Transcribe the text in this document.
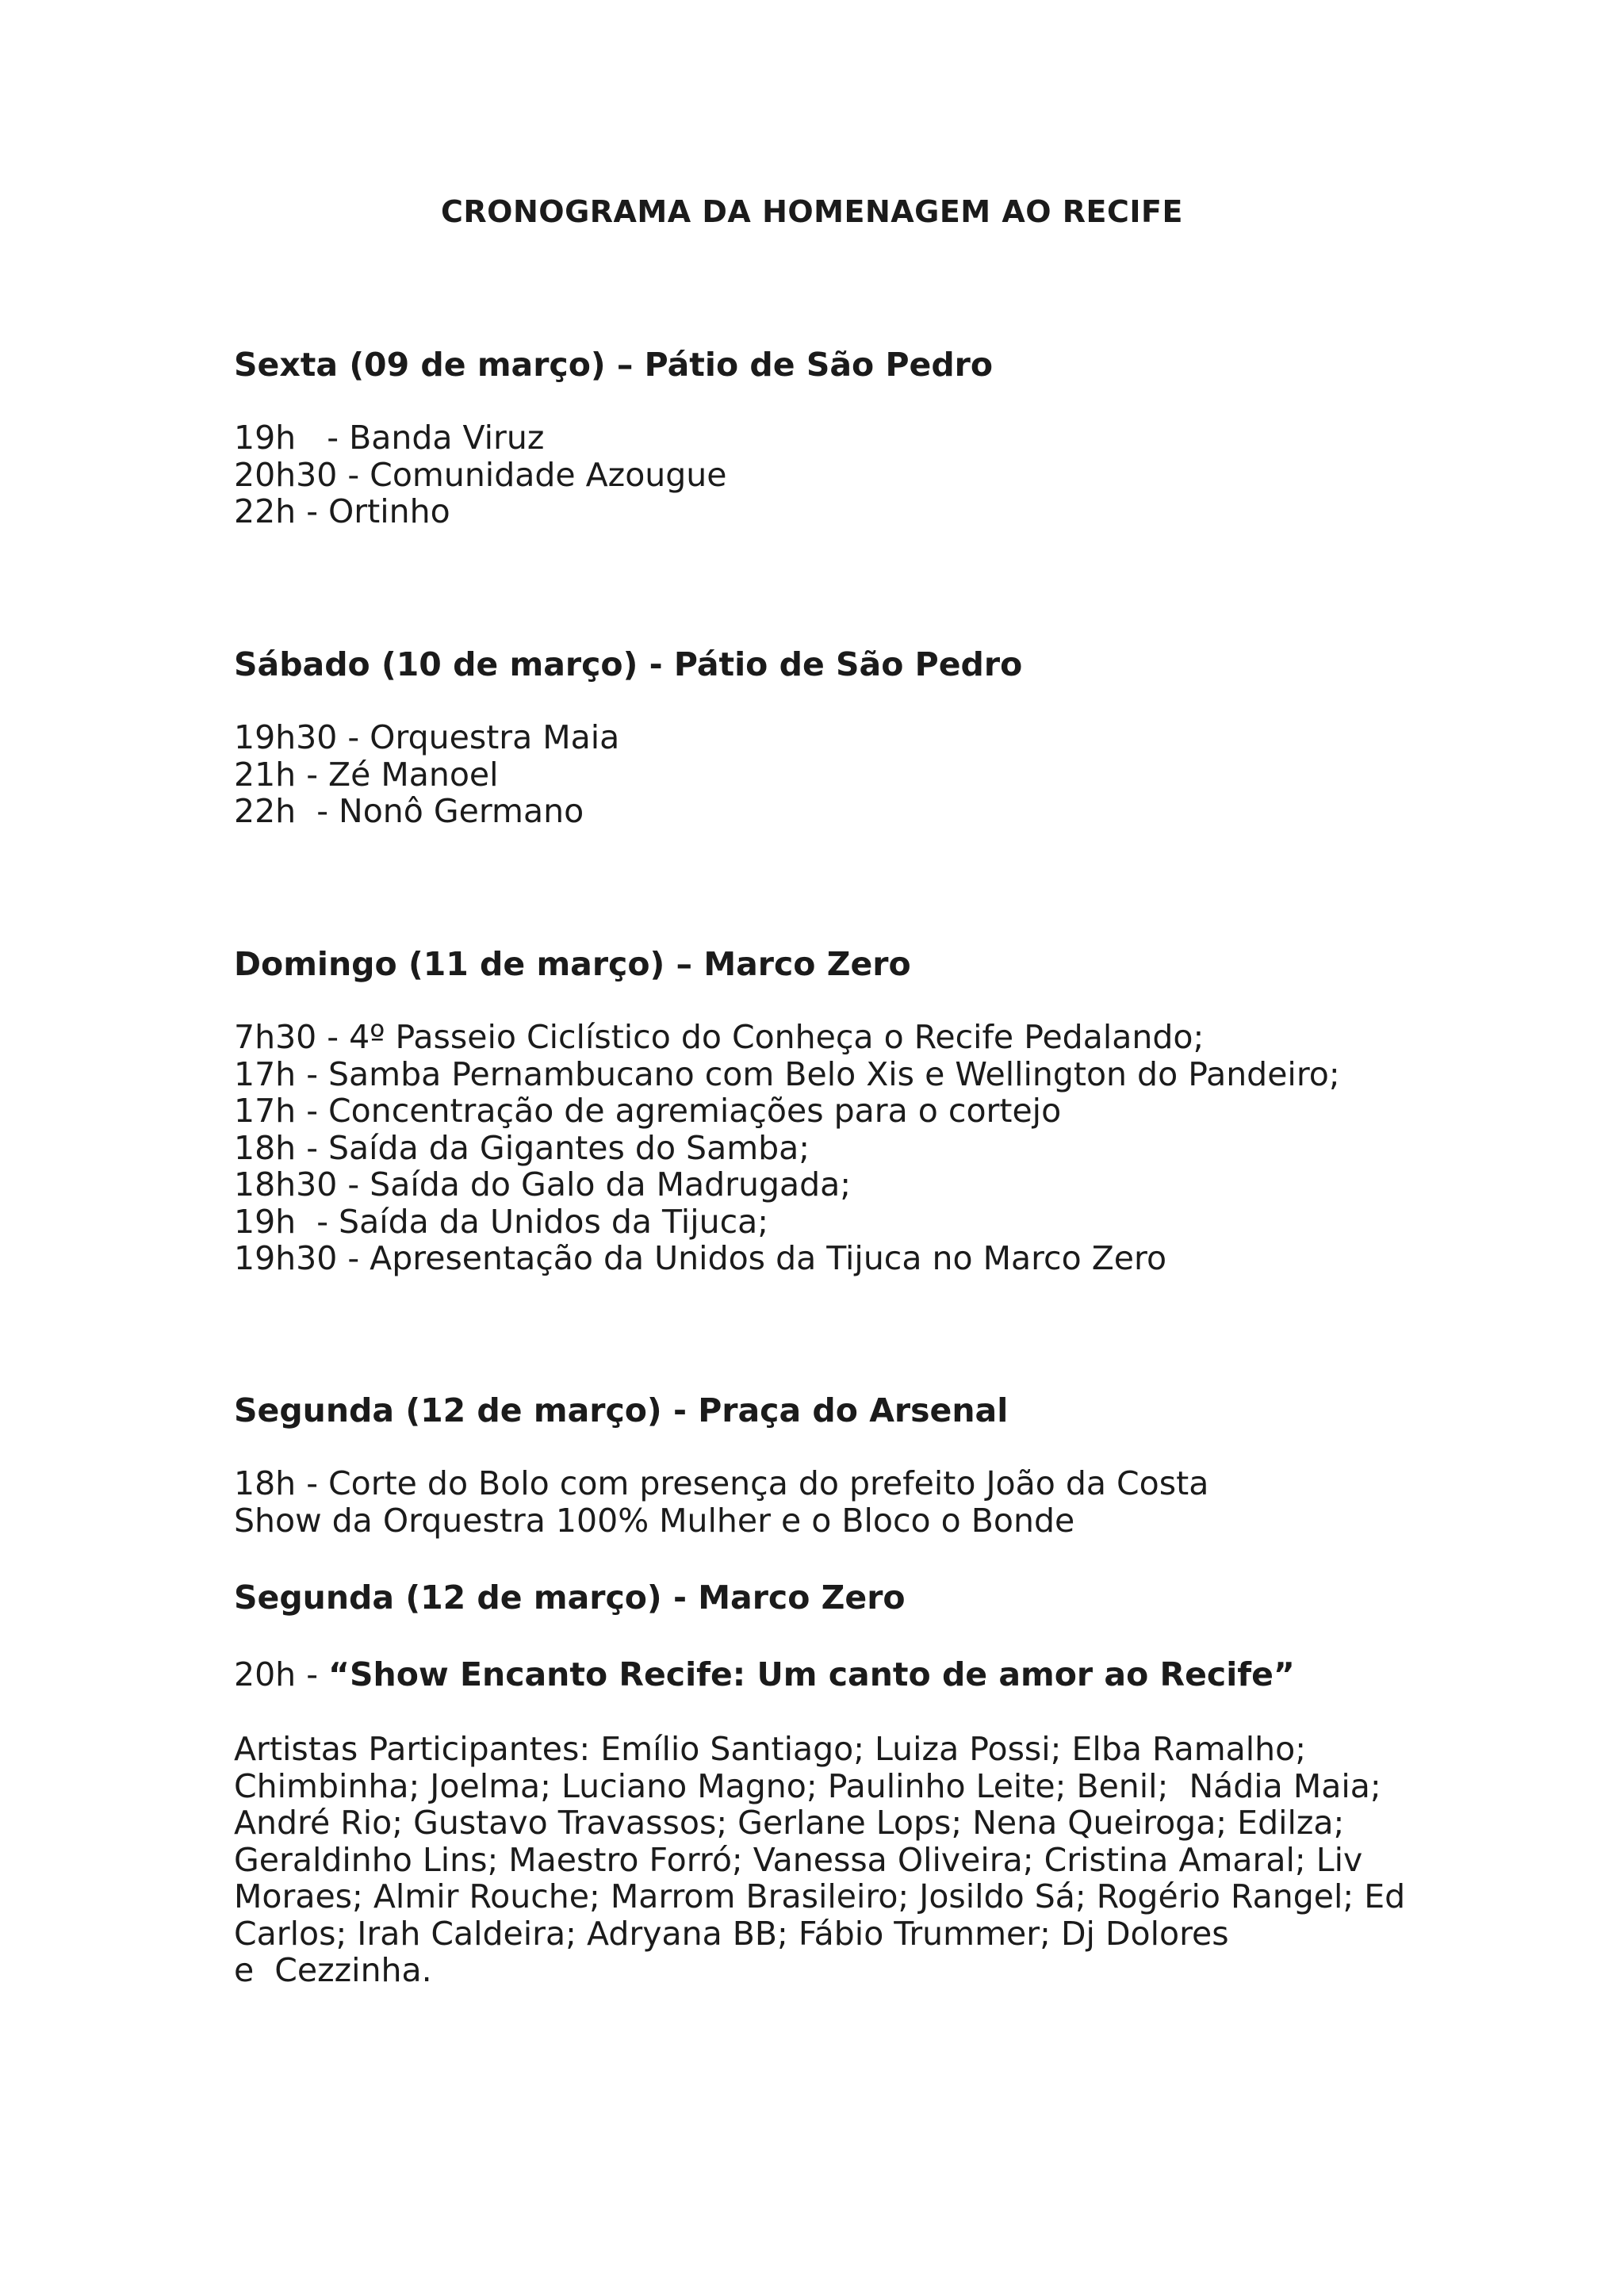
CRONOGRAMA DA HOMENAGEM AO RECIFE
Sexta (09 de março) – Pátio de São Pedro
19h   - Banda Viruz
20h30 - Comunidade Azougue
22h - Ortinho
Sábado (10 de março) - Pátio de São Pedro
19h30 - Orquestra Maia
21h - Zé Manoel
22h  - Nonô Germano
Domingo (11 de março) – Marco Zero
7h30 - 4º Passeio Ciclístico do Conheça o Recife Pedalando;
17h - Samba Pernambucano com Belo Xis e Wellington do Pandeiro;
17h - Concentração de agremiações para o cortejo
18h - Saída da Gigantes do Samba;
18h30 - Saída do Galo da Madrugada;
19h  - Saída da Unidos da Tijuca;
19h30 - Apresentação da Unidos da Tijuca no Marco Zero
Segunda (12 de março) - Praça do Arsenal
18h - Corte do Bolo com presença do prefeito João da Costa
Show da Orquestra 100% Mulher e o Bloco o Bonde
Segunda (12 de março) - Marco Zero
20h - “Show Encanto Recife: Um canto de amor ao Recife”
Artistas Participantes: Emílio Santiago; Luiza Possi; Elba Ramalho;
Chimbinha; Joelma; Luciano Magno; Paulinho Leite; Benil;  Nádia Maia;
André Rio; Gustavo Travassos; Gerlane Lops; Nena Queiroga; Edilza;
Geraldinho Lins; Maestro Forró; Vanessa Oliveira; Cristina Amaral; Liv
Moraes; Almir Rouche; Marrom Brasileiro; Josildo Sá; Rogério Rangel; Ed
Carlos; Irah Caldeira; Adryana BB; Fábio Trummer; Dj Dolores
e  Cezzinha.
